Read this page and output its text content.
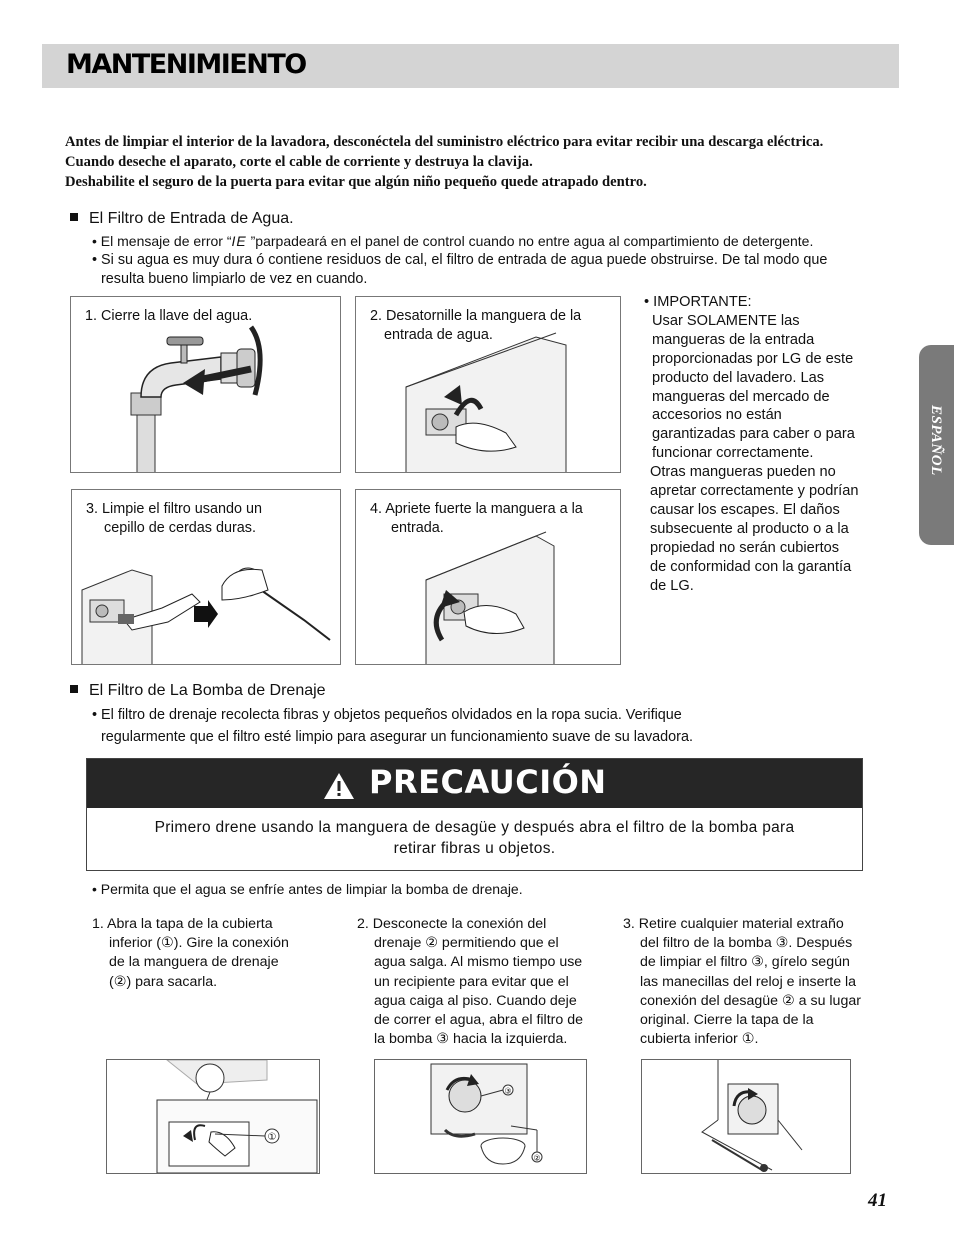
MANTENIMIENTO
ESPAÑOL
Antes de limpiar el interior de la lavadora, desconéctela del suministro eléctrico para evitar recibir una descarga eléctrica.
Cuando deseche el aparato, corte el cable de corriente y destruya la clavija.
Deshabilite el seguro de la puerta para evitar que algún niño pequeño quede atrapado dentro.
El Filtro de Entrada de Agua.
• El mensaje de error “IE ”parpadeará en el panel de control cuando no entre agua al compartimiento de detergente.
• Si su agua es muy dura ó contiene residuos de cal, el filtro de entrada de agua puede obstruirse. De tal modo que
resulta bueno limpiarlo de vez en cuando.
1. Cierre la llave del agua.	2. Desatornille la manguera de la
entrada de agua.
3. Limpie el filtro usando un
cepillo de cerdas duras.
4. Apriete fuerte la manguera a la
entrada.
• IMPORTANTE:
Usar SOLAMENTE las
mangueras de la entrada
proporcionadas por LG de este
producto del lavadero. Las
mangueras del mercado de
accesorios no están
garantizadas para caber o para
funcionar correctamente.
Otras mangueras pueden no
apretar correctamente y podrían
causar los escapes. El daños
subsecuente al producto o a la
propiedad no serán cubiertos
de conformidad con la garantía
de LG.
El Filtro de La Bomba de Drenaje
• El filtro de drenaje recolecta fibras y objetos pequeños olvidados en la ropa sucia. Verifique
regularmente que el filtro esté limpio para asegurar un funcionamiento suave de su lavadora.
PRECAUCIÓN
Primero drene usando la manguera de desagüe y después abra el filtro de la bomba para
retirar fibras u objetos.
• Permita que el agua se enfríe antes de limpiar la bomba de drenaje.
1. Abra la tapa de la cubierta
inferior (①). Gire la conexión
de la manguera de drenaje
(②) para sacarla.
2. Desconecte la conexión del
drenaje ② permitiendo que el
agua salga. Al mismo tiempo use
un recipiente para evitar que el
agua caiga al piso. Cuando deje
de correr el agua, abra el filtro de
la bomba ③ hacia la izquierda.
3. Retire cualquier material extraño
del filtro de la bomba ③. Después
de limpiar el filtro ③, gírelo según
las manecillas del reloj e inserte la
conexión del desagüe ② a su lugar
original. Cierre la tapa de la
cubierta inferior ①.
①
③
②
41
